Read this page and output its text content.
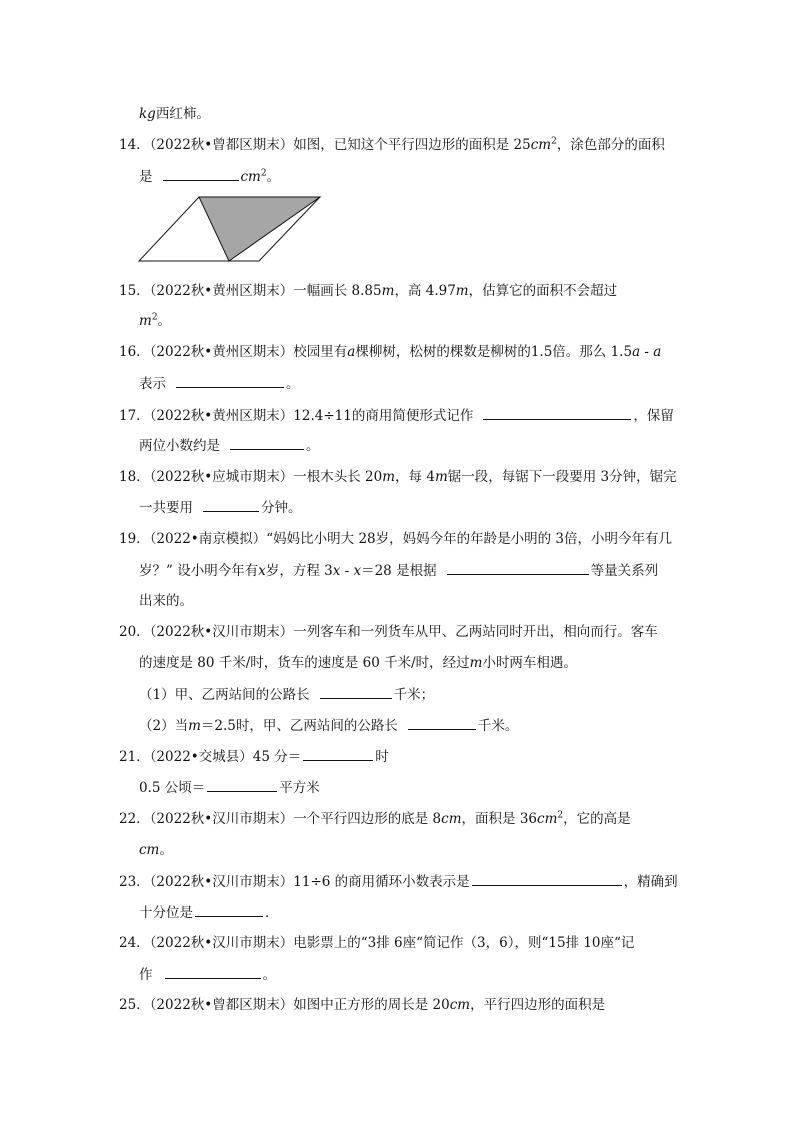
kg西红柿。
14．（2022秋•曾都区期末）如图，已知这个平行四边形的面积是 $25cm^2$，涂色部分的面积
是	$cm^2$。
15．（2022秋•黄州区期末）一幅画长 8.85m，高 4.97m，估算它的面积不会超过
$m^2$。
16．（2022秋•黄州区期末）校园里有a棵柳树，松树的棵数是柳树的1.5倍。那么 1.5a - a
表示	。
17．（2022秋•黄州区期末）12.4÷11的商用简便形式记作	，保留
两位小数约是	。
18．（2022秋•应城市期末）一根木头长 20m，每 4m锯一段，每锯下一段要用 3分钟，锯完
一共要用	分钟。
19．（2022•南京模拟）“妈妈比小明大 28岁，妈妈今年的年龄是小明的 3倍，小明今年有几
岁？” 设小明今年有x岁，方程 3x - x＝28 是根据	等量关系列
出来的。
20．（2022秋•汉川市期末）一列客车和一列货车从甲、乙两站同时开出，相向而行。客车
的速度是 80 千米/时，货车的速度是 60 千米/时，经过m小时两车相遇。
（1）甲、乙两站间的公路长	千米；
（2）当m＝2.5时，甲、乙两站间的公路长	千米。
21．（2022•交城县）45 分＝	时
0.5 公顷＝	平方米
22．（2022秋•汉川市期末）一个平行四边形的底是 8cm，面积是 $36cm^2$，它的高是
cm。
23．（2022秋•汉川市期末）11÷6 的商用循环小数表示是	，精确到
十分位是	．
24．（2022秋•汉川市期末）电影票上的“3排 6座“简记作（3，6），则“15排 10座“记
作	。
25．（2022秋•曾都区期末）如图中正方形的周长是 20cm，平行四边形的面积是
